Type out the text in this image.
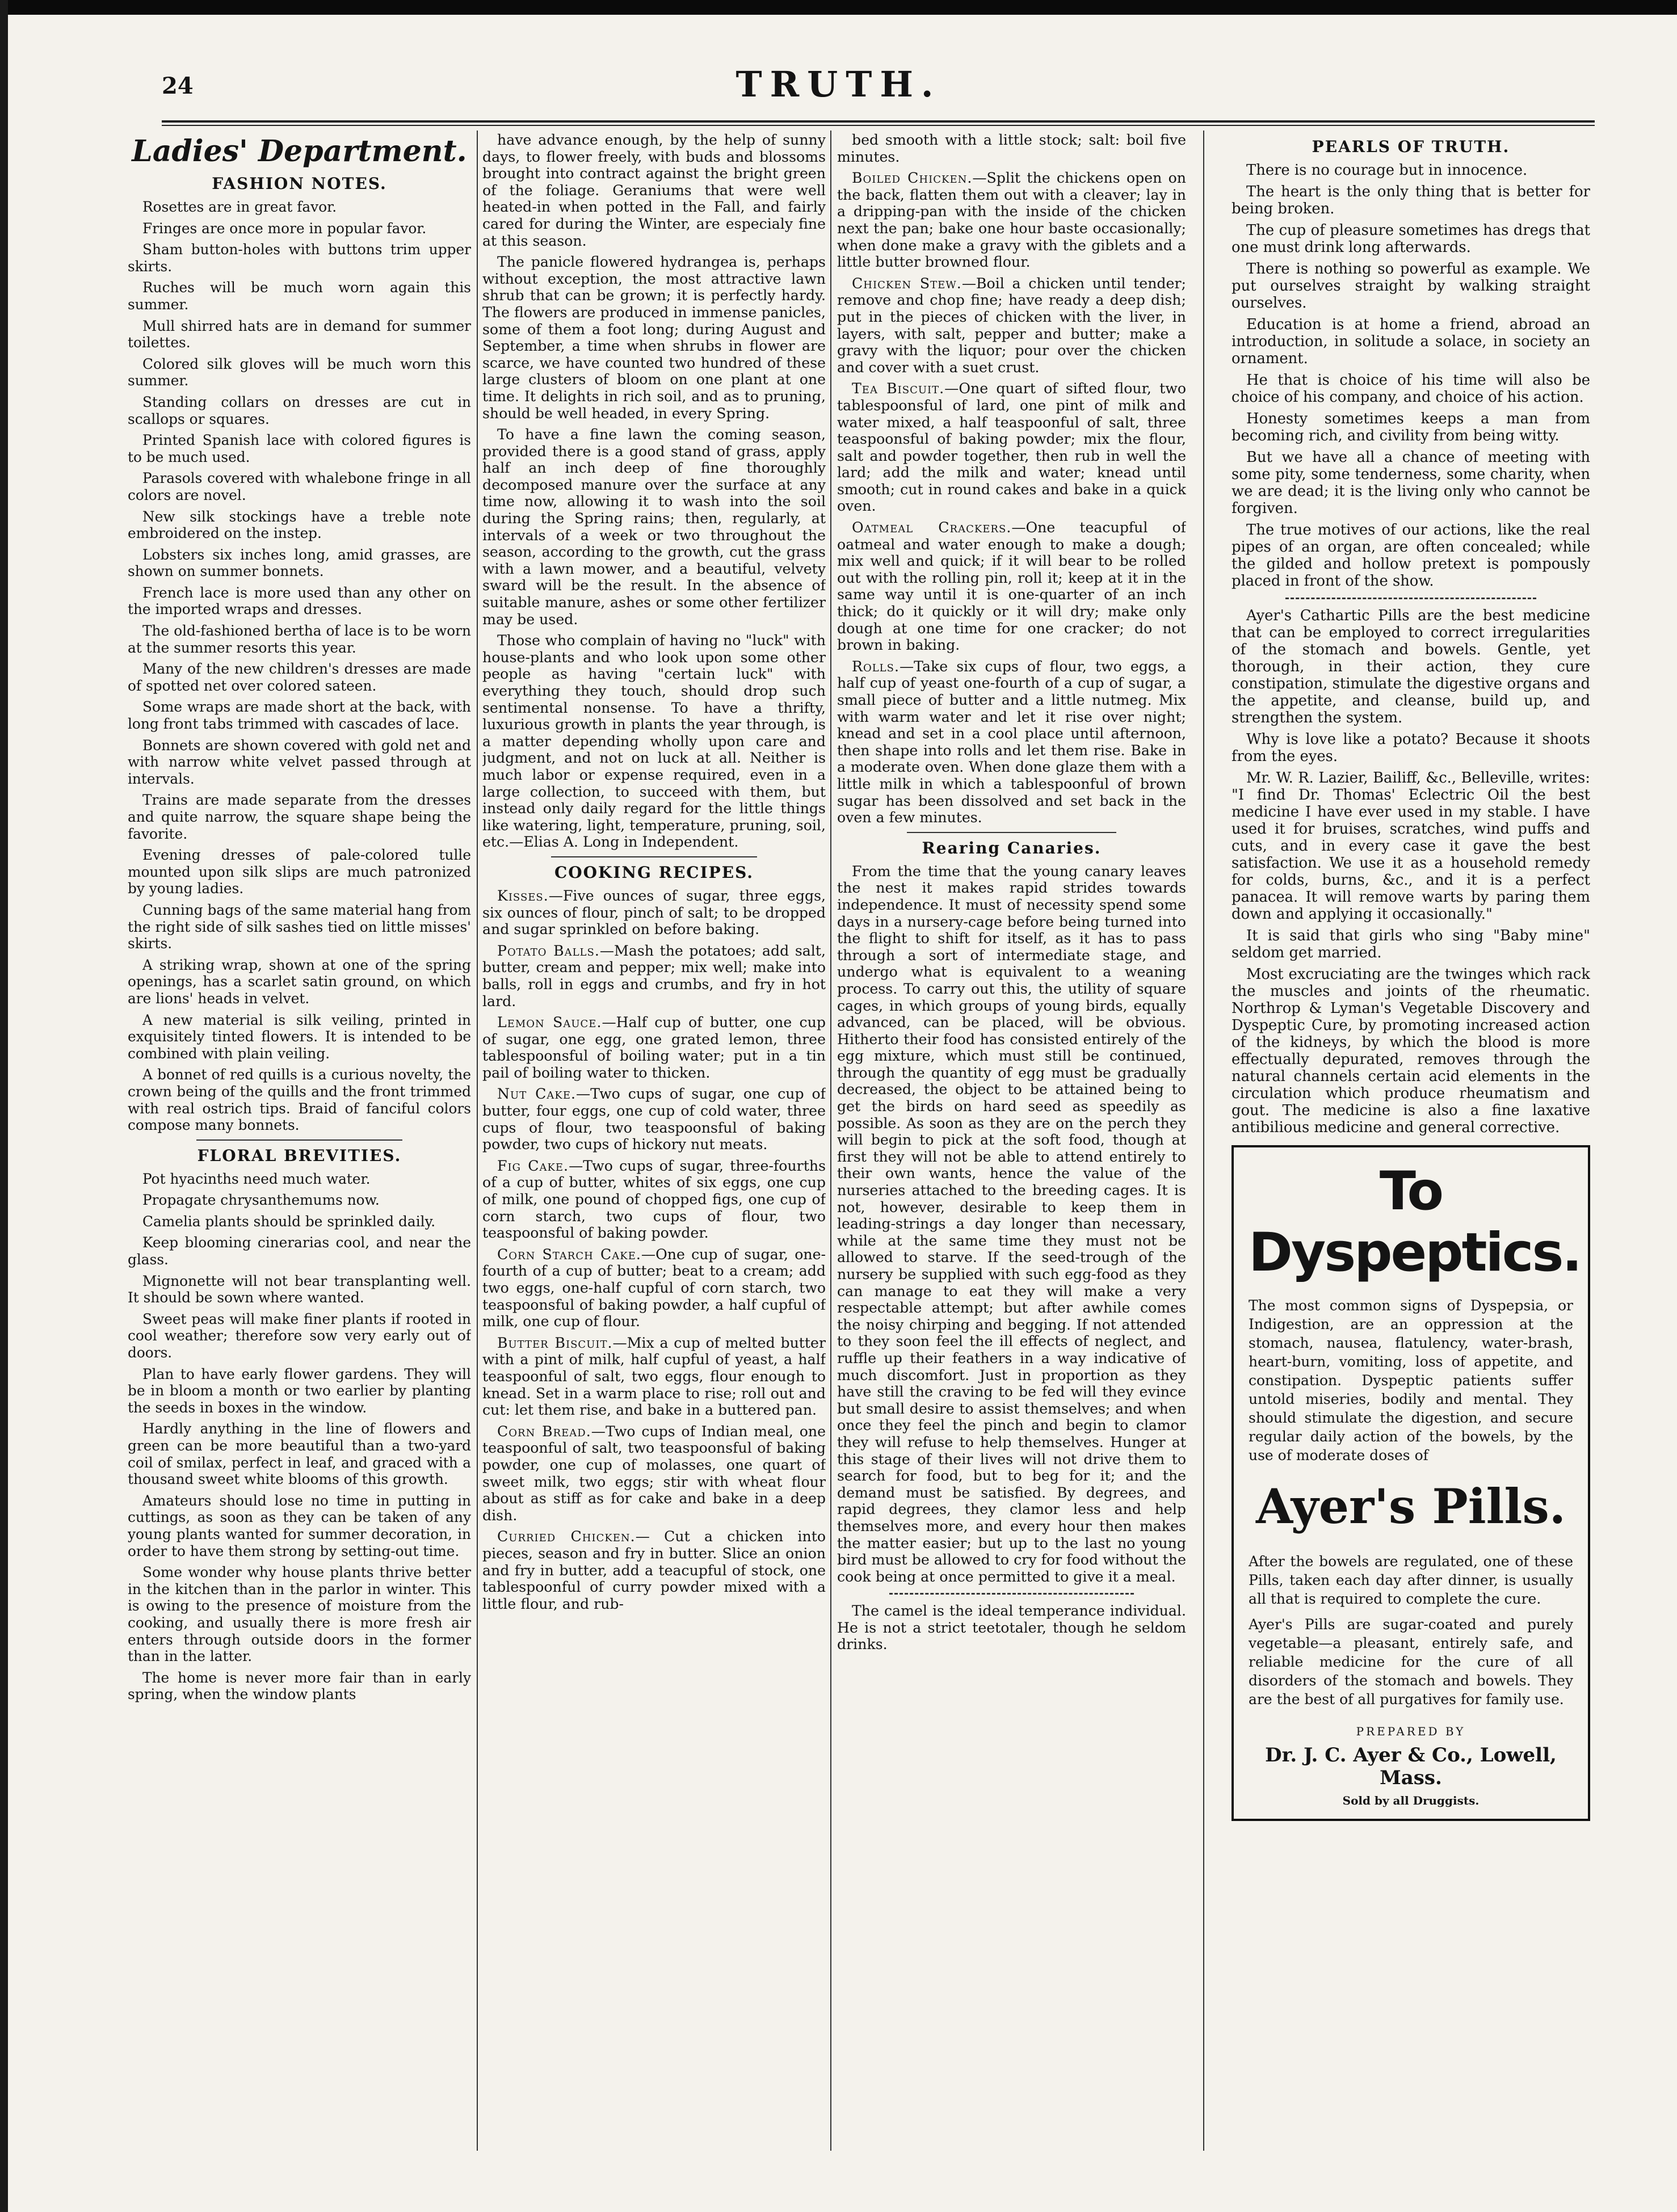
24	TRUTH.
Ladies' Department.
FASHION NOTES.

Rosettes are in great favor.

Fringes are once more in popular favor.

Sham button-holes with buttons trim upper skirts.

Ruches will be much worn again this summer.

Mull shirred hats are in demand for summer toilettes.

Colored silk gloves will be much worn this summer.

Standing collars on dresses are cut in scallops or squares.

Printed Spanish lace with colored figures is to be much used.

Parasols covered with whalebone fringe in all colors are novel.

New silk stockings have a treble note embroidered on the instep.

Lobsters six inches long, amid grasses, are shown on summer bonnets.

French lace is more used than any other on the imported wraps and dresses.

The old-fashioned bertha of lace is to be worn at the summer resorts this year.

Many of the new children's dresses are made of spotted net over colored sateen.

Some wraps are made short at the back, with long front tabs trimmed with cascades of lace.

Bonnets are shown covered with gold net and with narrow white velvet passed through at intervals.

Trains are made separate from the dresses and quite narrow, the square shape being the favorite.

Evening dresses of pale-colored tulle mounted upon silk slips are much patronized by young ladies.

Cunning bags of the same material hang from the right side of silk sashes tied on little misses' skirts.

A striking wrap, shown at one of the spring openings, has a scarlet satin ground, on which are lions' heads in velvet.

A new material is silk veiling, printed in exquisitely tinted flowers. It is intended to be combined with plain veiling.

A bonnet of red quills is a curious novelty, the crown being of the quills and the front trimmed with real ostrich tips. Braid of fanciful colors compose many bonnets.

FLORAL BREVITIES.

Pot hyacinths need much water.

Propagate chrysanthemums now.

Camelia plants should be sprinkled daily.

Keep blooming cinerarias cool, and near the glass.

Mignonette will not bear transplanting well. It should be sown where wanted.

Sweet peas will make finer plants if rooted in cool weather; therefore sow very early out of doors.

Plan to have early flower gardens. They will be in bloom a month or two earlier by planting the seeds in boxes in the window.

Hardly anything in the line of flowers and green can be more beautiful than a two-yard coil of smilax, perfect in leaf, and graced with a thousand sweet white blooms of this growth.

Amateurs should lose no time in putting in cuttings, as soon as they can be taken of any young plants wanted for summer decoration, in order to have them strong by setting-out time.

Some wonder why house plants thrive better in the kitchen than in the parlor in winter. This is owing to the presence of moisture from the cooking, and usually there is more fresh air enters through outside doors in the former than in the latter.

The home is never more fair than in early spring, when the window plants

have advance enough, by the help of sunny days, to flower freely, with buds and blossoms brought into contract against the bright green of the foliage. Geraniums that were well heated-in when potted in the Fall, and fairly cared for during the Winter, are especialy fine at this season.

The panicle flowered hydrangea is, perhaps without exception, the most attractive lawn shrub that can be grown; it is perfectly hardy. The flowers are produced in immense panicles, some of them a foot long; during August and September, a time when shrubs in flower are scarce, we have counted two hundred of these large clusters of bloom on one plant at one time. It delights in rich soil, and as to pruning, should be well headed, in every Spring.

To have a fine lawn the coming season, provided there is a good stand of grass, apply half an inch deep of fine thoroughly decomposed manure over the surface at any time now, allowing it to wash into the soil during the Spring rains; then, regularly, at intervals of a week or two throughout the season, according to the growth, cut the grass with a lawn mower, and a beautiful, velvety sward will be the result. In the absence of suitable manure, ashes or some other fertilizer may be used.

Those who complain of having no "luck" with house-plants and who look upon some other people as having "certain luck" with everything they touch, should drop such sentimental nonsense. To have a thrifty, luxurious growth in plants the year through, is a matter depending wholly upon care and judgment, and not on luck at all. Neither is much labor or expense required, even in a large collection, to succeed with them, but instead only daily regard for the little things like watering, light, temperature, pruning, soil, etc.—Elias A. Long in Independent.

COOKING RECIPES.

Kisses.—Five ounces of sugar, three eggs, six ounces of flour, pinch of salt; to be dropped and sugar sprinkled on before baking.

Potato Balls.—Mash the potatoes; add salt, butter, cream and pepper; mix well; make into balls, roll in eggs and crumbs, and fry in hot lard.

Lemon Sauce.—Half cup of butter, one cup of sugar, one egg, one grated lemon, three tablespoonsful of boiling water; put in a tin pail of boiling water to thicken.

Nut Cake.—Two cups of sugar, one cup of butter, four eggs, one cup of cold water, three cups of flour, two teaspoonsful of baking powder, two cups of hickory nut meats.

Fig Cake.—Two cups of sugar, three-fourths of a cup of butter, whites of six eggs, one cup of milk, one pound of chopped figs, one cup of corn starch, two cups of flour, two teaspoonsful of baking powder.

Corn Starch Cake.—One cup of sugar, one-fourth of a cup of butter; beat to a cream; add two eggs, one-half cupful of corn starch, two teaspoonsful of baking powder, a half cupful of milk, one cup of flour.

Butter Biscuit.—Mix a cup of melted butter with a pint of milk, half cupful of yeast, a half teaspoonful of salt, two eggs, flour enough to knead. Set in a warm place to rise; roll out and cut: let them rise, and bake in a buttered pan.

Corn Bread.—Two cups of Indian meal, one teaspoonful of salt, two teaspoonsful of baking powder, one cup of molasses, one quart of sweet milk, two eggs; stir with wheat flour about as stiff as for cake and bake in a deep dish.

Curried Chicken.— Cut a chicken into pieces, season and fry in butter. Slice an onion and fry in butter, add a teacupful of stock, one tablespoonful of curry powder mixed with a little flour, and rub-

bed smooth with a little stock; salt: boil five minutes.

Boiled Chicken.—Split the chickens open on the back, flatten them out with a cleaver; lay in a dripping-pan with the inside of the chicken next the pan; bake one hour baste occasionally; when done make a gravy with the giblets and a little butter browned flour.

Chicken Stew.—Boil a chicken until tender; remove and chop fine; have ready a deep dish; put in the pieces of chicken with the liver, in layers, with salt, pepper and butter; make a gravy with the liquor; pour over the chicken and cover with a suet crust.

Tea Biscuit.—One quart of sifted flour, two tablespoonsful of lard, one pint of milk and water mixed, a half teaspoonful of salt, three teaspoonsful of baking powder; mix the flour, salt and powder together, then rub in well the lard; add the milk and water; knead until smooth; cut in round cakes and bake in a quick oven.

Oatmeal Crackers.—One teacupful of oatmeal and water enough to make a dough; mix well and quick; if it will bear to be rolled out with the rolling pin, roll it; keep at it in the same way until it is one-quarter of an inch thick; do it quickly or it will dry; make only dough at one time for one cracker; do not brown in baking.

Rolls.—Take six cups of flour, two eggs, a half cup of yeast one-fourth of a cup of sugar, a small piece of butter and a little nutmeg. Mix with warm water and let it rise over night; knead and set in a cool place until afternoon, then shape into rolls and let them rise. Bake in a moderate oven. When done glaze them with a little milk in which a tablespoonful of brown sugar has been dissolved and set back in the oven a few minutes.

Rearing Canaries.

From the time that the young canary leaves the nest it makes rapid strides towards independence. It must of necessity spend some days in a nursery-cage before being turned into the flight to shift for itself, as it has to pass through a sort of intermediate stage, and undergo what is equivalent to a weaning process. To carry out this, the utility of square cages, in which groups of young birds, equally advanced, can be placed, will be obvious. Hitherto their food has consisted entirely of the egg mixture, which must still be continued, through the quantity of egg must be gradually decreased, the object to be attained being to get the birds on hard seed as speedily as possible. As soon as they are on the perch they will begin to pick at the soft food, though at first they will not be able to attend entirely to their own wants, hence the value of the nurseries attached to the breeding cages. It is not, however, desirable to keep them in leading-strings a day longer than necessary, while at the same time they must not be allowed to starve. If the seed-trough of the nursery be supplied with such egg-food as they can manage to eat they will make a very respectable attempt; but after awhile comes the noisy chirping and begging. If not attended to they soon feel the ill effects of neglect, and ruffle up their feathers in a way indicative of much discomfort. Just in proportion as they have still the craving to be fed will they evince but small desire to assist themselves; and when once they feel the pinch and begin to clamor they will refuse to help themselves. Hunger at this stage of their lives will not drive them to search for food, but to beg for it; and the demand must be satisfied. By degrees, and rapid degrees, they clamor less and help themselves more, and every hour then makes the matter easier; but up to the last no young bird must be allowed to cry for food without the cook being at once permitted to give it a meal.

The camel is the ideal temperance individual. He is not a strict teetotaler, though he seldom drinks.

PEARLS OF TRUTH.

There is no courage but in innocence.

The heart is the only thing that is better for being broken.

The cup of pleasure sometimes has dregs that one must drink long afterwards.

There is nothing so powerful as example. We put ourselves straight by walking straight ourselves.

Education is at home a friend, abroad an introduction, in solitude a solace, in society an ornament.

He that is choice of his time will also be choice of his company, and choice of his action.

Honesty sometimes keeps a man from becoming rich, and civility from being witty.

But we have all a chance of meeting with some pity, some tenderness, some charity, when we are dead; it is the living only who cannot be forgiven.

The true motives of our actions, like the real pipes of an organ, are often concealed; while the gilded and hollow pretext is pompously placed in front of the show.

Ayer's Cathartic Pills are the best medicine that can be employed to correct irregularities of the stomach and bowels. Gentle, yet thorough, in their action, they cure constipation, stimulate the digestive organs and the appetite, and cleanse, build up, and strengthen the system.

Why is love like a potato? Because it shoots from the eyes.

Mr. W. R. Lazier, Bailiff, &c., Belleville, writes: "I find Dr. Thomas' Eclectric Oil the best medicine I have ever used in my stable. I have used it for bruises, scratches, wind puffs and cuts, and in every case it gave the best satisfaction. We use it as a household remedy for colds, burns, &c., and it is a perfect panacea. It will remove warts by paring them down and applying it occasionally."

It is said that girls who sing "Baby mine" seldom get married.

Most excruciating are the twinges which rack the muscles and joints of the rheumatic. Northrop & Lyman's Vegetable Discovery and Dyspeptic Cure, by promoting increased action of the kidneys, by which the blood is more effectually depurated, removes through the natural channels certain acid elements in the circulation which produce rheumatism and gout. The medicine is also a fine laxative antibilious medicine and general corrective.

To Dyspeptics.
The most common signs of Dyspepsia, or Indigestion, are an oppression at the stomach, nausea, flatulency, water-brash, heart-burn, vomiting, loss of appetite, and constipation. Dyspeptic patients suffer untold miseries, bodily and mental. They should stimulate the digestion, and secure regular daily action of the bowels, by the use of moderate doses of
Ayer's Pills.
After the bowels are regulated, one of these Pills, taken each day after dinner, is usually all that is required to complete the cure.
Ayer's Pills are sugar-coated and purely vegetable—a pleasant, entirely safe, and reliable medicine for the cure of all disorders of the stomach and bowels. They are the best of all purgatives for family use.
PREPARED BY
Dr. J. C. Ayer & Co., Lowell, Mass.
Sold by all Druggists.
